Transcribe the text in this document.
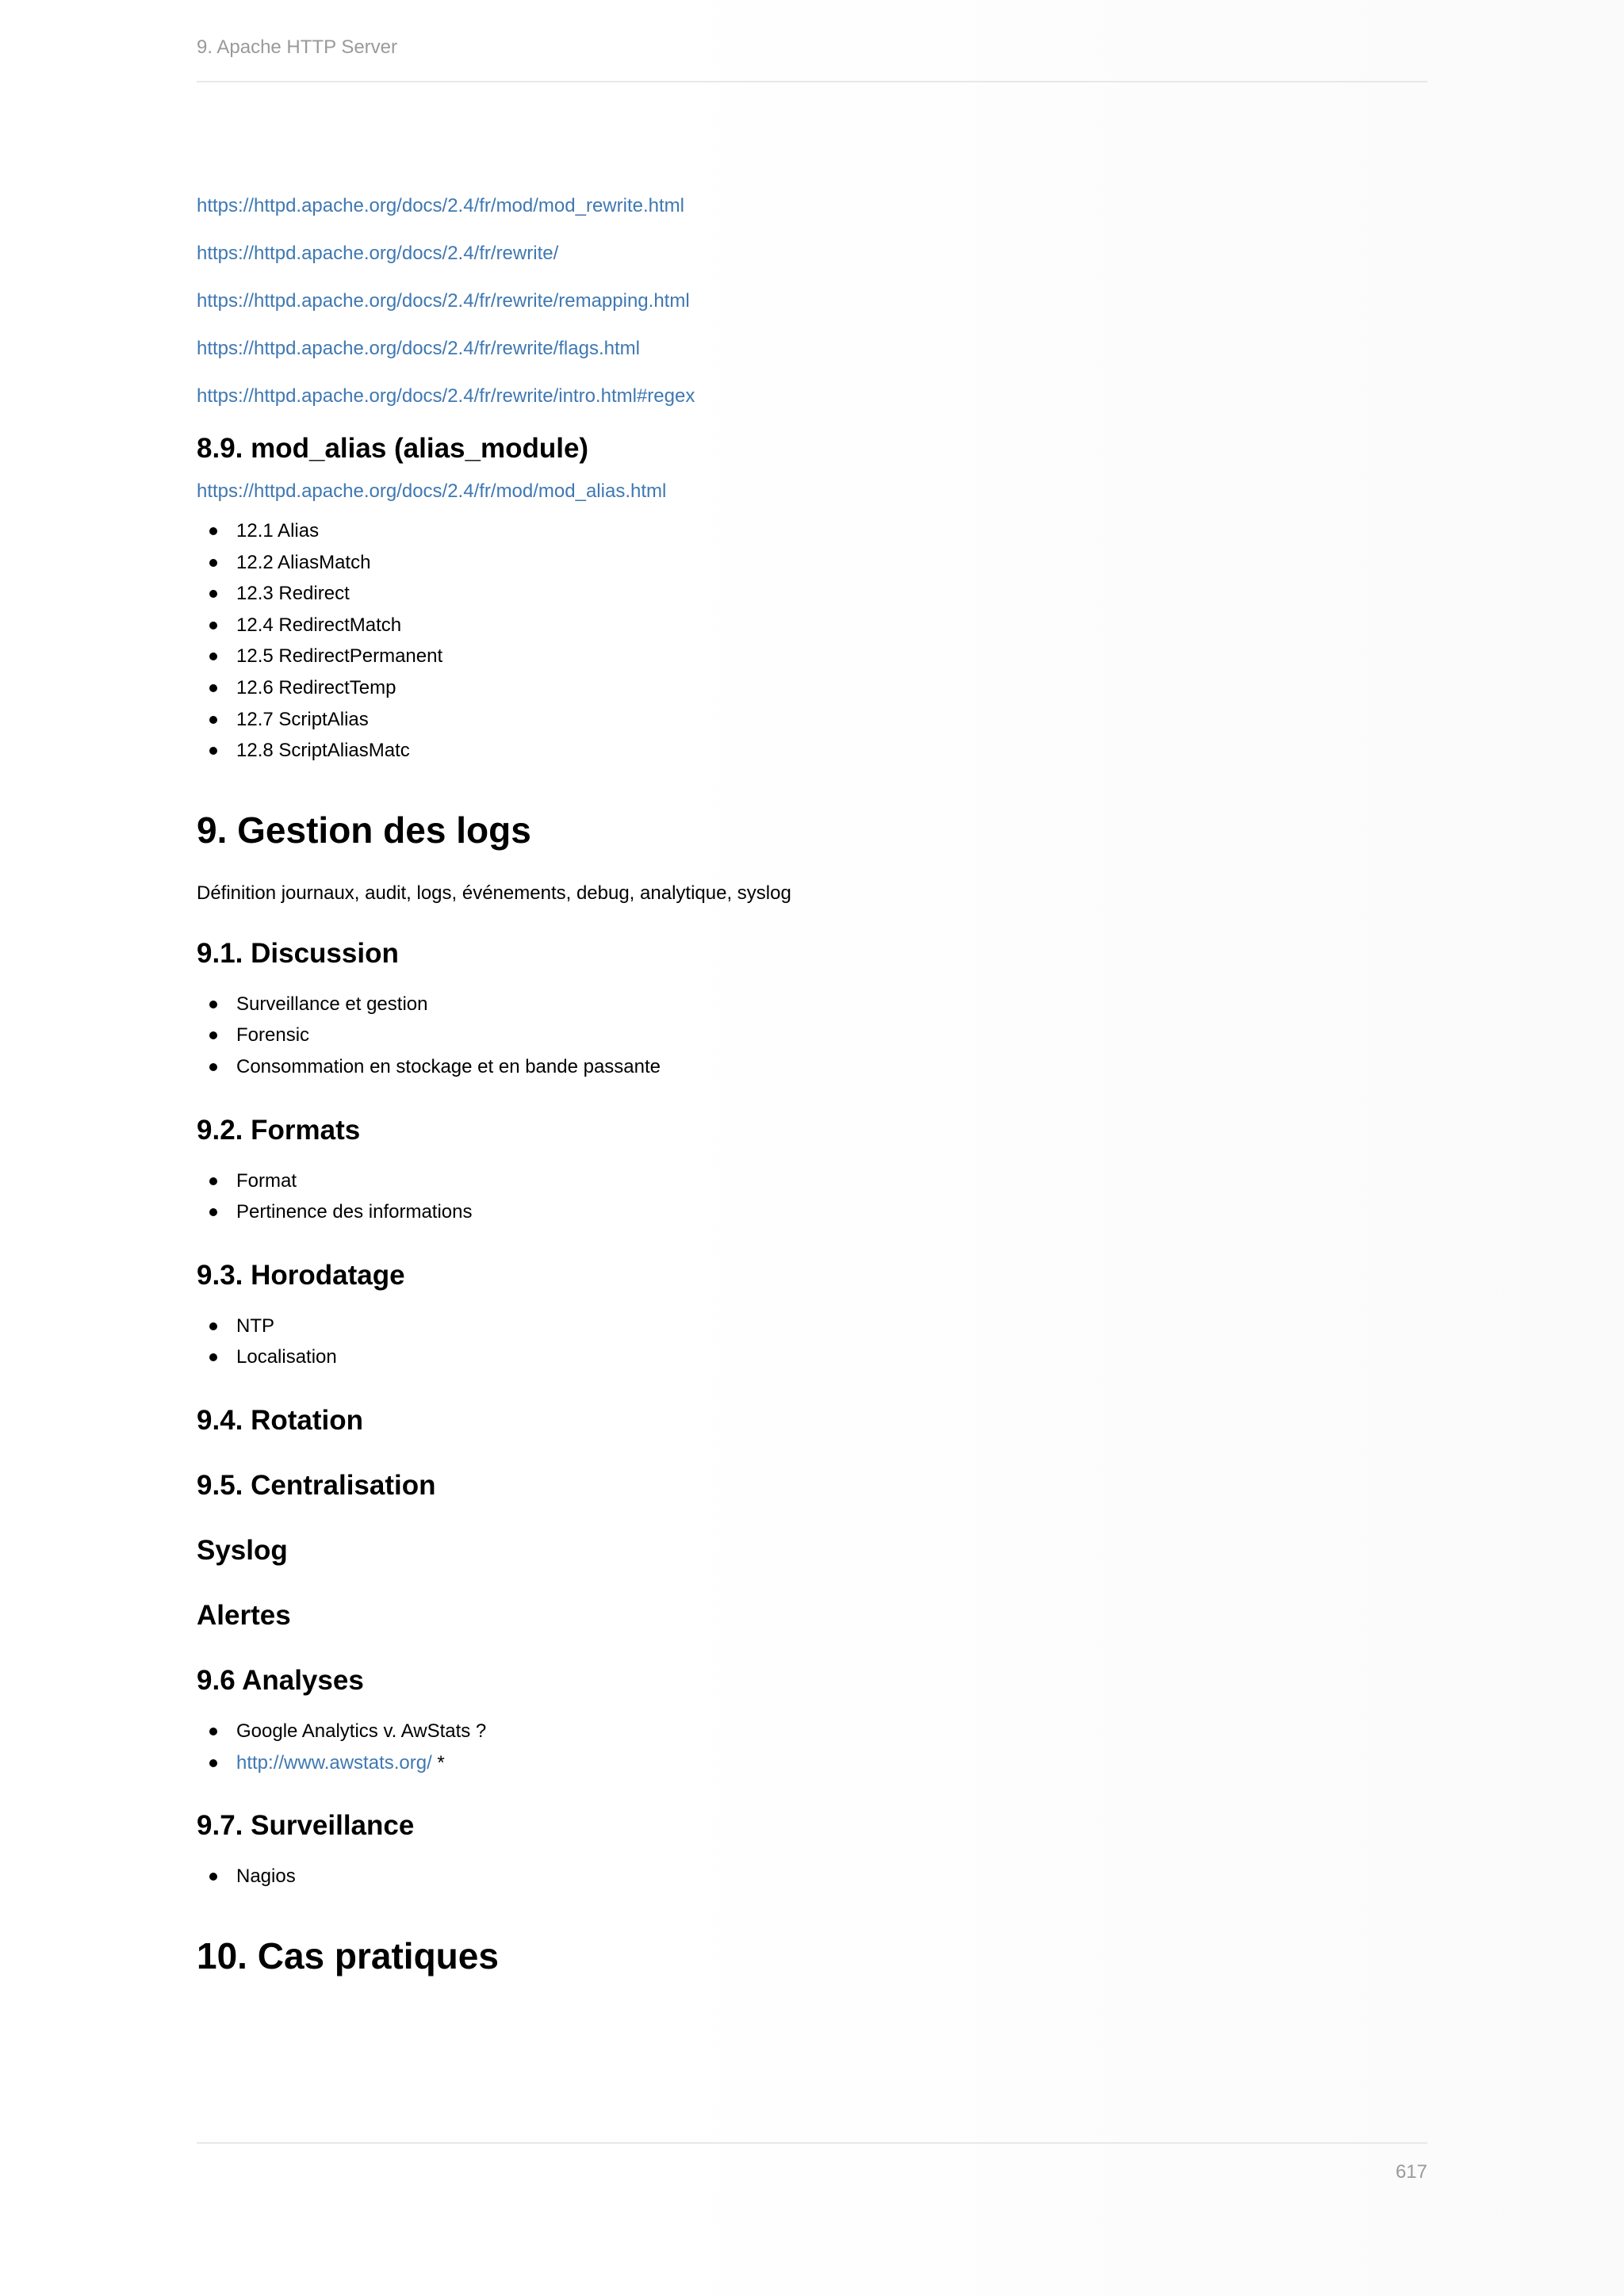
9. Apache HTTP Server
https://httpd.apache.org/docs/2.4/fr/mod/mod_rewrite.html
https://httpd.apache.org/docs/2.4/fr/rewrite/
https://httpd.apache.org/docs/2.4/fr/rewrite/remapping.html
https://httpd.apache.org/docs/2.4/fr/rewrite/flags.html
https://httpd.apache.org/docs/2.4/fr/rewrite/intro.html#regex
8.9. mod_alias (alias_module)
https://httpd.apache.org/docs/2.4/fr/mod/mod_alias.html
12.1 Alias
12.2 AliasMatch
12.3 Redirect
12.4 RedirectMatch
12.5 RedirectPermanent
12.6 RedirectTemp
12.7 ScriptAlias
12.8 ScriptAliasMatc
9. Gestion des logs

Définition journaux, audit, logs, événements, debug, analytique, syslog

9.1. Discussion
Surveillance et gestion
Forensic
Consommation en stockage et en bande passante
9.2. Formats
Format
Pertinence des informations
9.3. Horodatage
NTP
Localisation
9.4. Rotation
9.5. Centralisation
Syslog
Alertes
9.6 Analyses
Google Analytics v. AwStats ?
http://www.awstats.org/ *
9.7. Surveillance
Nagios
10. Cas pratiques
617
